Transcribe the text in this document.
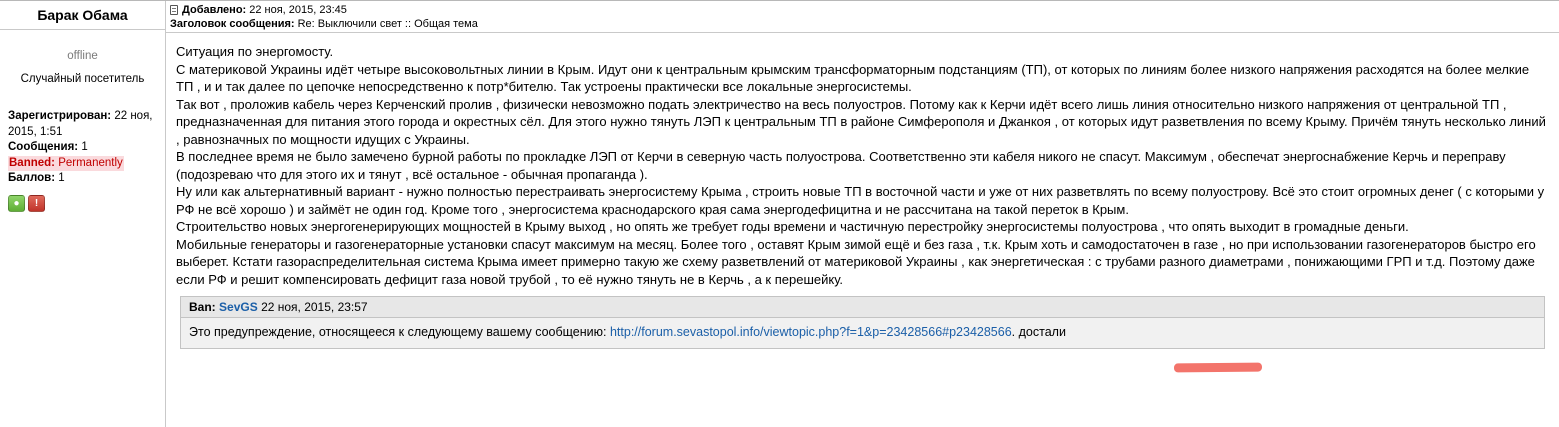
Барак Обама
offline
Случайный посетитель
Зарегистрирован: 22 ноя, 2015, 1:51
Сообщения: 1
Banned: Permanently
Баллов: 1
●	!
Добавлено: 22 ноя, 2015, 23:45
Заголовок сообщения: Re: Выключили свет :: Общая тема

Ситуация по энергомосту.

С материковой Украины идёт четыре высоковольтных линии в Крым. Идут они к центральным крымским трансформаторным подстанциям (ТП), от которых по линиям более низкого напряжения расходятся на более мелкие ТП , и и так далее по цепочке непосредственно к потр*бителю. Так устроены практически все локальные энергосистемы.

Так вот , проложив кабель через Керченский пролив , физически невозможно подать электричество на весь полуостров. Потому как к Керчи идёт всего лишь линия относительно низкого напряжения от центральной ТП , предназначенная для питания этого города и окрестных сёл. Для этого нужно тянуть ЛЭП к центральным ТП в районе Симферополя и Джанкоя , от которых идут разветвления по всему Крыму. Причём тянуть несколько линий , равнозначных по мощности идущих с Украины.

В последнее время не было замечено бурной работы по прокладке ЛЭП от Керчи в северную часть полуострова. Соответственно эти кабеля никого не спасут. Максимум , обеспечат энергоснабжение Керчь и переправу (подозреваю что для этого их и тянут , всё остальное - обычная пропаганда ).

Ну или как альтернативный вариант - нужно полностью перестраивать энергосистему Крыма , строить новые ТП в восточной части и уже от них разветвлять по всему полуострову. Всё это стоит огромных денег ( с которыми у РФ не всё хорошо ) и займёт не один год. Кроме того , энергосистема краснодарского края сама энергодефицитна и не рассчитана на такой переток в Крым.

Строительство новых энергогенерирующих мощностей в Крыму выход , но опять же требует годы времени и частичную перестройку энергосистемы полуострова , что опять выходит в громадные деньги.

Мобильные генераторы и газогенераторные установки спасут максимум на месяц. Более того , оставят Крым зимой ещё и без газа , т.к. Крым хоть и самодостаточен в газе , но при использовании газогенераторов быстро его выберет. Кстати газораспределительная система Крыма имеет примерно такую же схему разветвлений от материковой Украины , как энергетическая : с трубами разного диаметрами , понижающими ГРП и т.д. Поэтому даже если РФ и решит компенсировать дефицит газа новой трубой , то её нужно тянуть не в Керчь , а к перешейку.

Ban: SevGS 22 ноя, 2015, 23:57
Это предупреждение, относящееся к следующему вашему сообщению: http://forum.sevastopol.info/viewtopic.php?f=1&p=23428566#p23428566. достали
